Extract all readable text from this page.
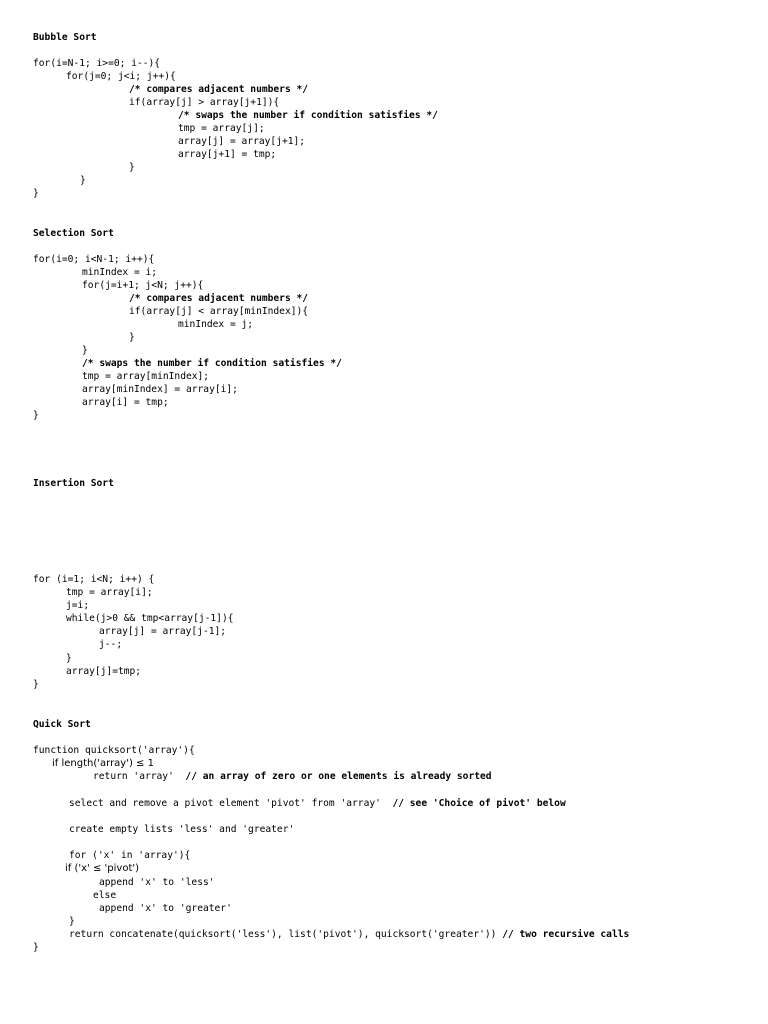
Bubble Sort
for(i=N-1; i>=0; i--){
for(j=0; j<i; j++){
/* compares adjacent numbers */
if(array[j] > array[j+1]){
/* swaps the number if condition satisfies */
tmp = array[j];
array[j] = array[j+1];
array[j+1] = tmp;
}
}
}
Selection Sort
for(i=0; i<N-1; i++){
minIndex = i;
for(j=i+1; j<N; j++){
/* compares adjacent numbers */
if(array[j] < array[minIndex]){
minIndex = j;
}
}
/* swaps the number if condition satisfies */
tmp = array[minIndex];
array[minIndex] = array[i];
array[i] = tmp;
}
Insertion Sort
for (i=1; i<N; i++) {
tmp = array[i];
j=i;
while(j>0 && tmp<array[j-1]){
array[j] = array[j-1];
j--;
}
array[j]=tmp;
}
Quick Sort
function quicksort('array'){
if length('array') ≤ 1
return 'array'  // an array of zero or one elements is already sorted
select and remove a pivot element 'pivot' from 'array'  // see 'Choice of pivot' below
create empty lists 'less' and 'greater'
for ('x' in 'array'){
if ('x' ≤ 'pivot')
append 'x' to 'less'
else
append 'x' to 'greater'
}
return concatenate(quicksort('less'), list('pivot'), quicksort('greater')) // two recursive calls
}
